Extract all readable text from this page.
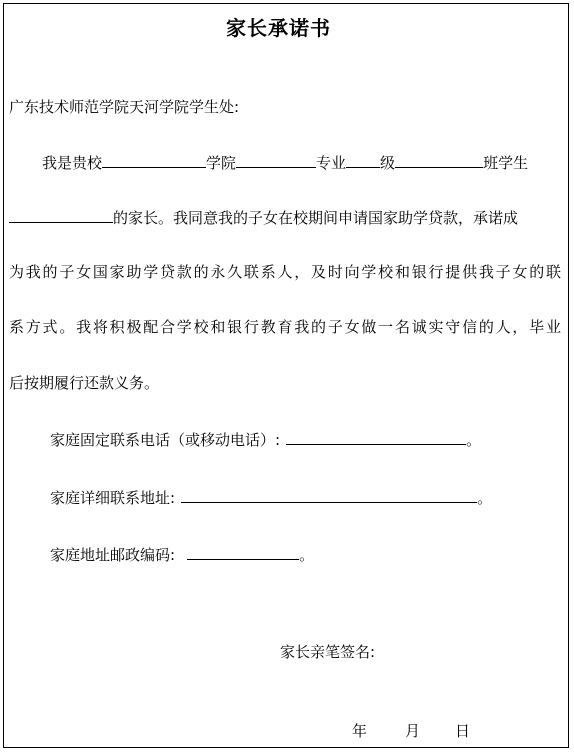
家长承诺书
广东技术师范学院天河学院学生处:
我是贵校	学院	专业 级	班学生
的家长。我同意我的子女在校期间申请国家助学贷款，承诺成
为我的子女国家助学贷款的永久联系人，及时向学校和银行提供我子女的联
系方式。我将积极配合学校和银行教育我的子女做一名诚实守信的人，毕业
后按期履行还款义务。
家庭固定联系电话（或移动电话）:	。
家庭详细联系地址:	。
家庭地址邮政编码:	。
家长亲笔签名:
年	月 日
